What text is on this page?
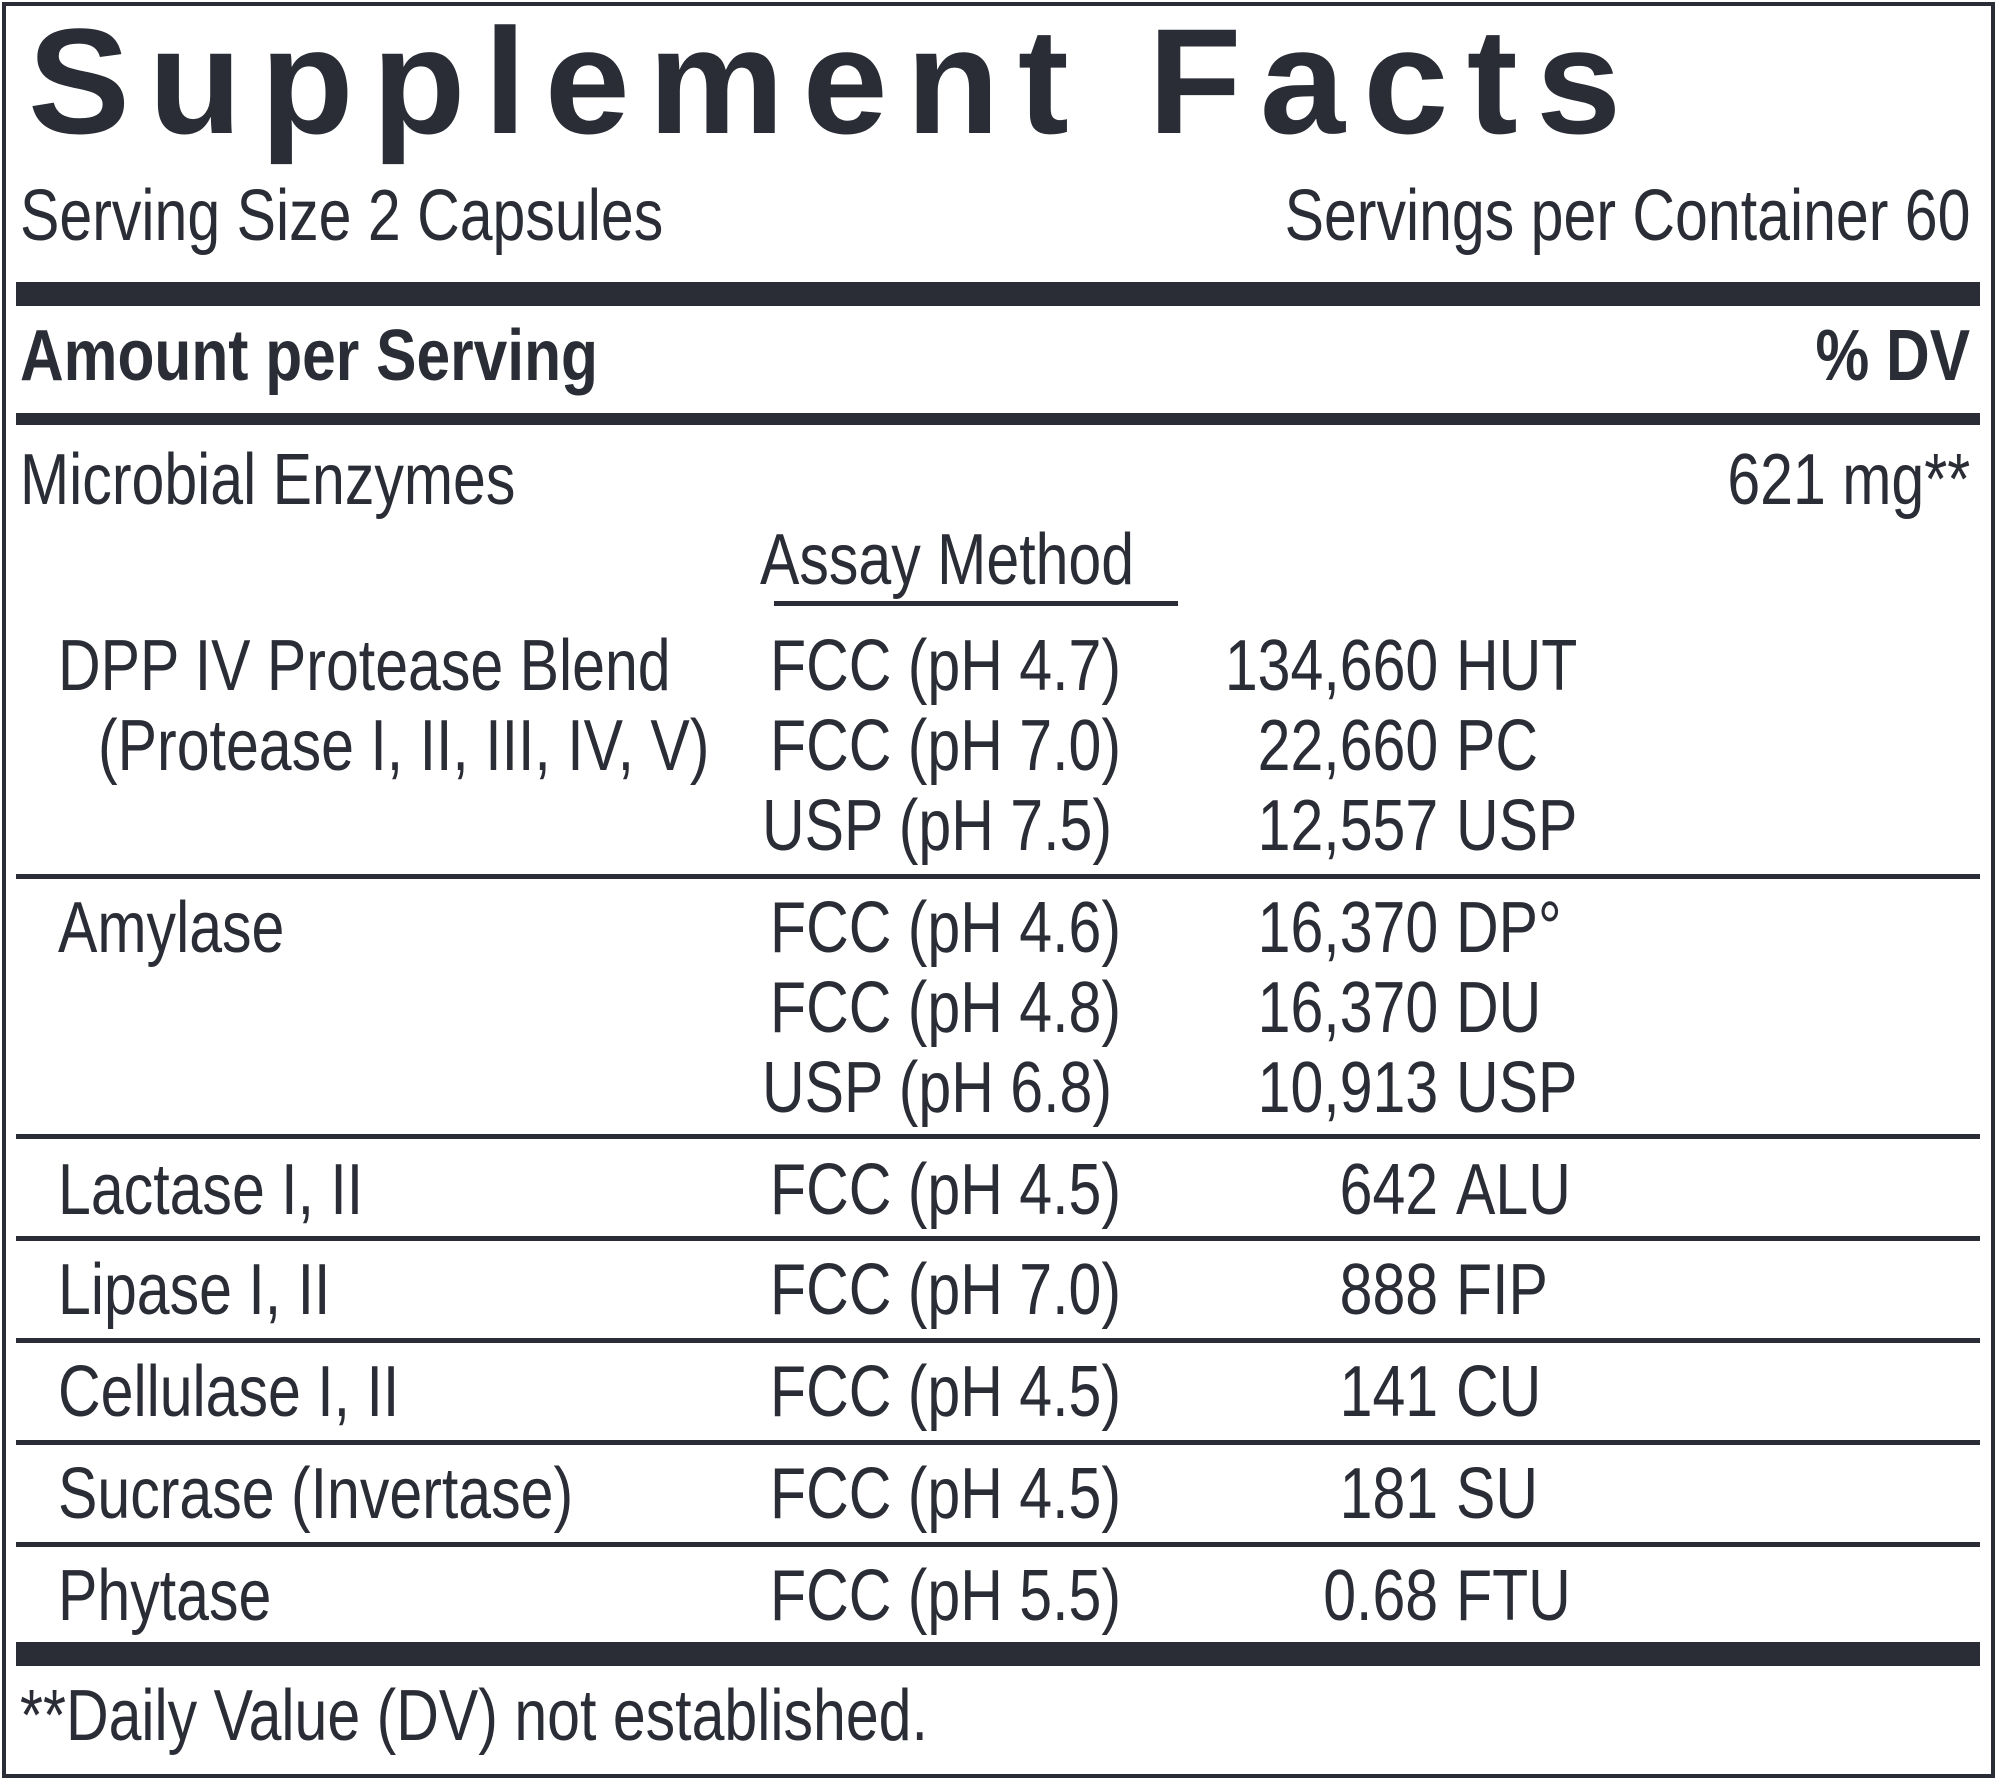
Supplement Facts
Serving Size 2 Capsules	Servings per Container 60
Amount per Serving	% DV
Microbial Enzymes	621 mg**
Assay Method
DPP IV Protease Blend FCC (pH 4.7) 134,660 HUT
(Protease I, II, III, IV, V) FCC (pH 7.0) 22,660 PC
USP (pH 7.5) 12,557 USP
Amylase	FCC (pH 4.6) 16,370 DP°
FCC (pH 4.8) 16,370 DU
USP (pH 6.8) 10,913 USP
Lactase I, II	FCC (pH 4.5)	642 ALU
Lipase I, II	FCC (pH 7.0)	888 FIP
Cellulase I, II	FCC (pH 4.5)	141 CU
Sucrase (Invertase)	FCC (pH 4.5)	181 SU
Phytase	FCC (pH 5.5)	0.68 FTU
**Daily Value (DV) not established.
